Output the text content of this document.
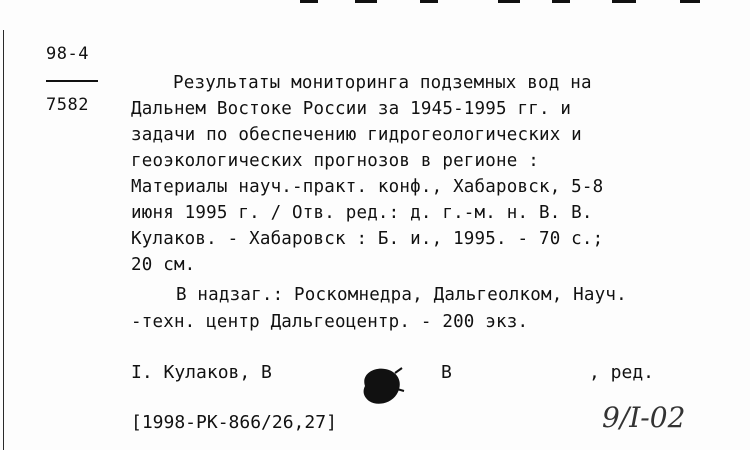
98-4
7582
Результаты мониторинга подземных вод на
Дальнем Востоке России за 1945-1995 гг. и
задачи по обеспечению гидрогеологических и
геоэкологических прогнозов в регионе :
Материалы науч.-практ. конф., Хабаровск, 5-8
июня 1995 г. / Отв. ред.: д. г.-м. н. В. В.
Кулаков. - Хабаровск : Б. и., 1995. - 70 с.;
20 см.
В надзаг.: Роскомнедра, Дальгеолком, Науч.
-техн. центр Дальгеоцентр. - 200 экз.
I. Кулаков, В	В	, ред.
[1998-РК-866/26,27]	9/I-02
